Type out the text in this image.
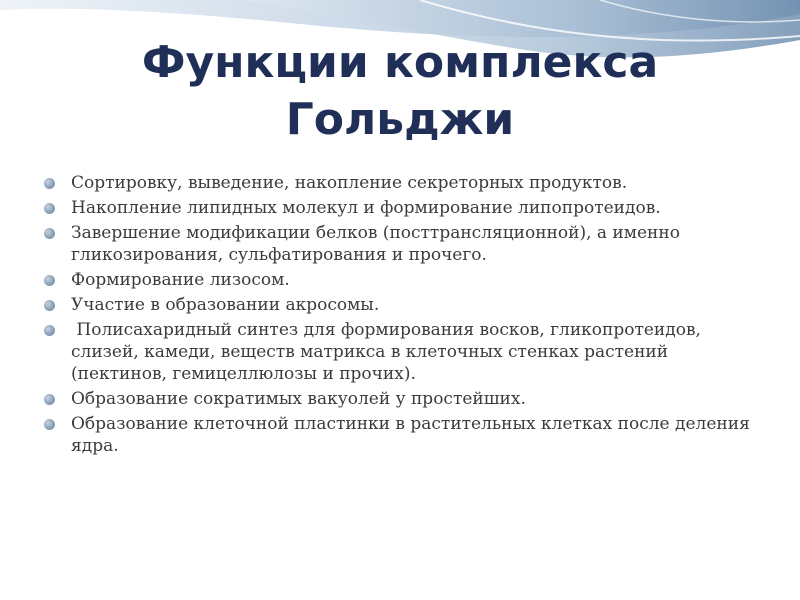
Функции комплекса
Гольджи
Сортировку, выведение, накопление секреторных продуктов.
Накопление липидных молекул и формирование липопротеидов.
Завершение модификации белков (посттрансляционной), а именно гликозирования, сульфатирования и прочего.
Формирование лизосом.
Участие в образовании акросомы.
Полисахаридный синтез для формирования восков, гликопротеидов, слизей, камеди, веществ матрикса в клеточных стенках растений (пектинов, гемицеллюлозы и прочих).
Образование сократимых вакуолей у простейших.
Образование клеточной пластинки в растительных клетках после деления ядра.
